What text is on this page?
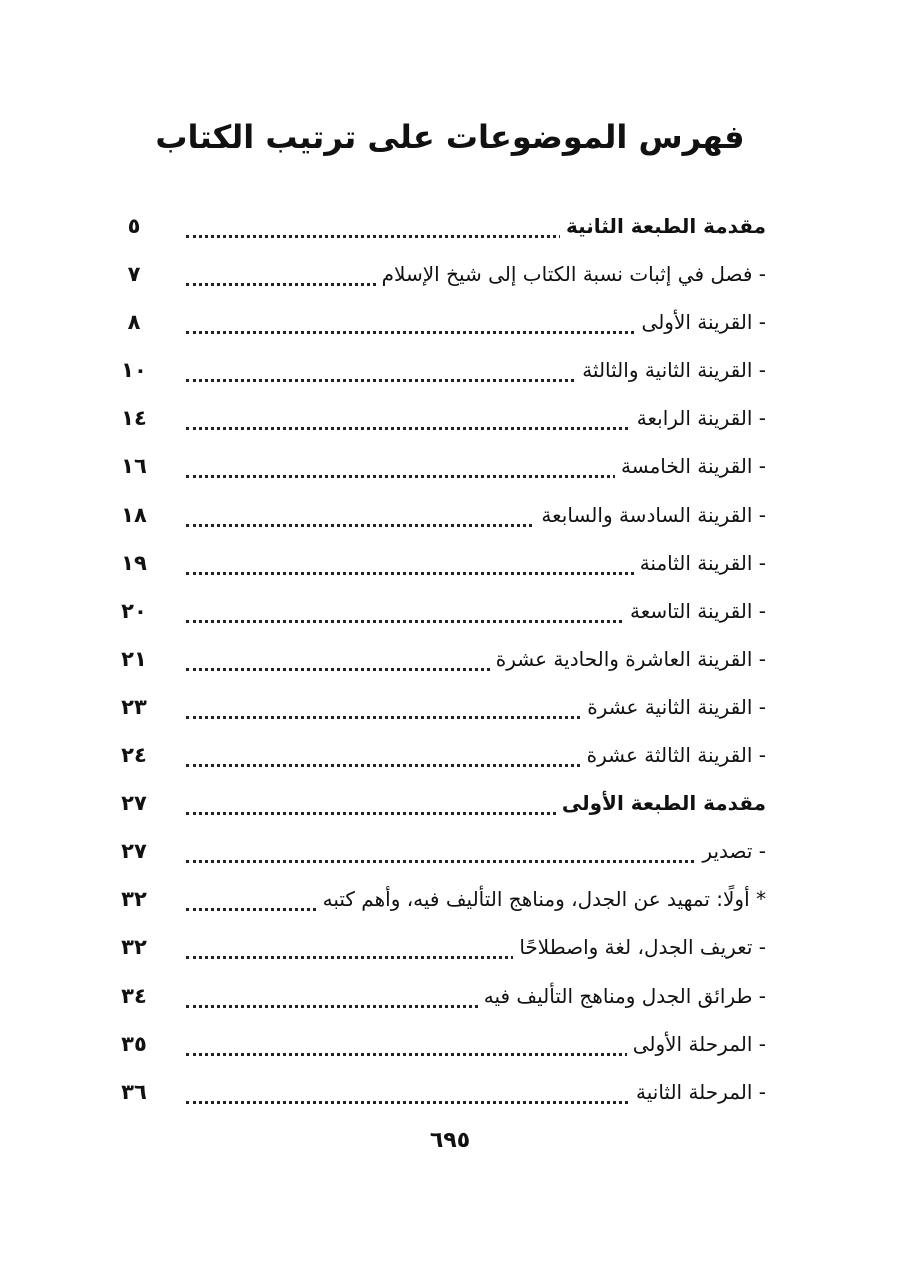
فهرس الموضوعات على ترتيب الكتاب
مقدمة الطبعة الثانية
٥
- فصل في إثبات نسبة الكتاب إلى شيخ الإسلام
٧
- القرينة الأولى
٨
- القرينة الثانية والثالثة
١٠
- القرينة الرابعة
١٤
- القرينة الخامسة
١٦
- القرينة السادسة والسابعة
١٨
- القرينة الثامنة
١٩
- القرينة التاسعة
٢٠
- القرينة العاشرة والحادية عشرة
٢١
- القرينة الثانية عشرة
٢٣
- القرينة الثالثة عشرة
٢٤
مقدمة الطبعة الأولى
٢٧
- تصدير
٢٧
* أولًا: تمهيد عن الجدل، ومناهج التأليف فيه، وأهم كتبه
٣٢
- تعريف الجدل، لغة واصطلاحًا
٣٢
- طرائق الجدل ومناهج التأليف فيه
٣٤
- المرحلة الأولى
٣٥
- المرحلة الثانية
٣٦
٦٩٥
